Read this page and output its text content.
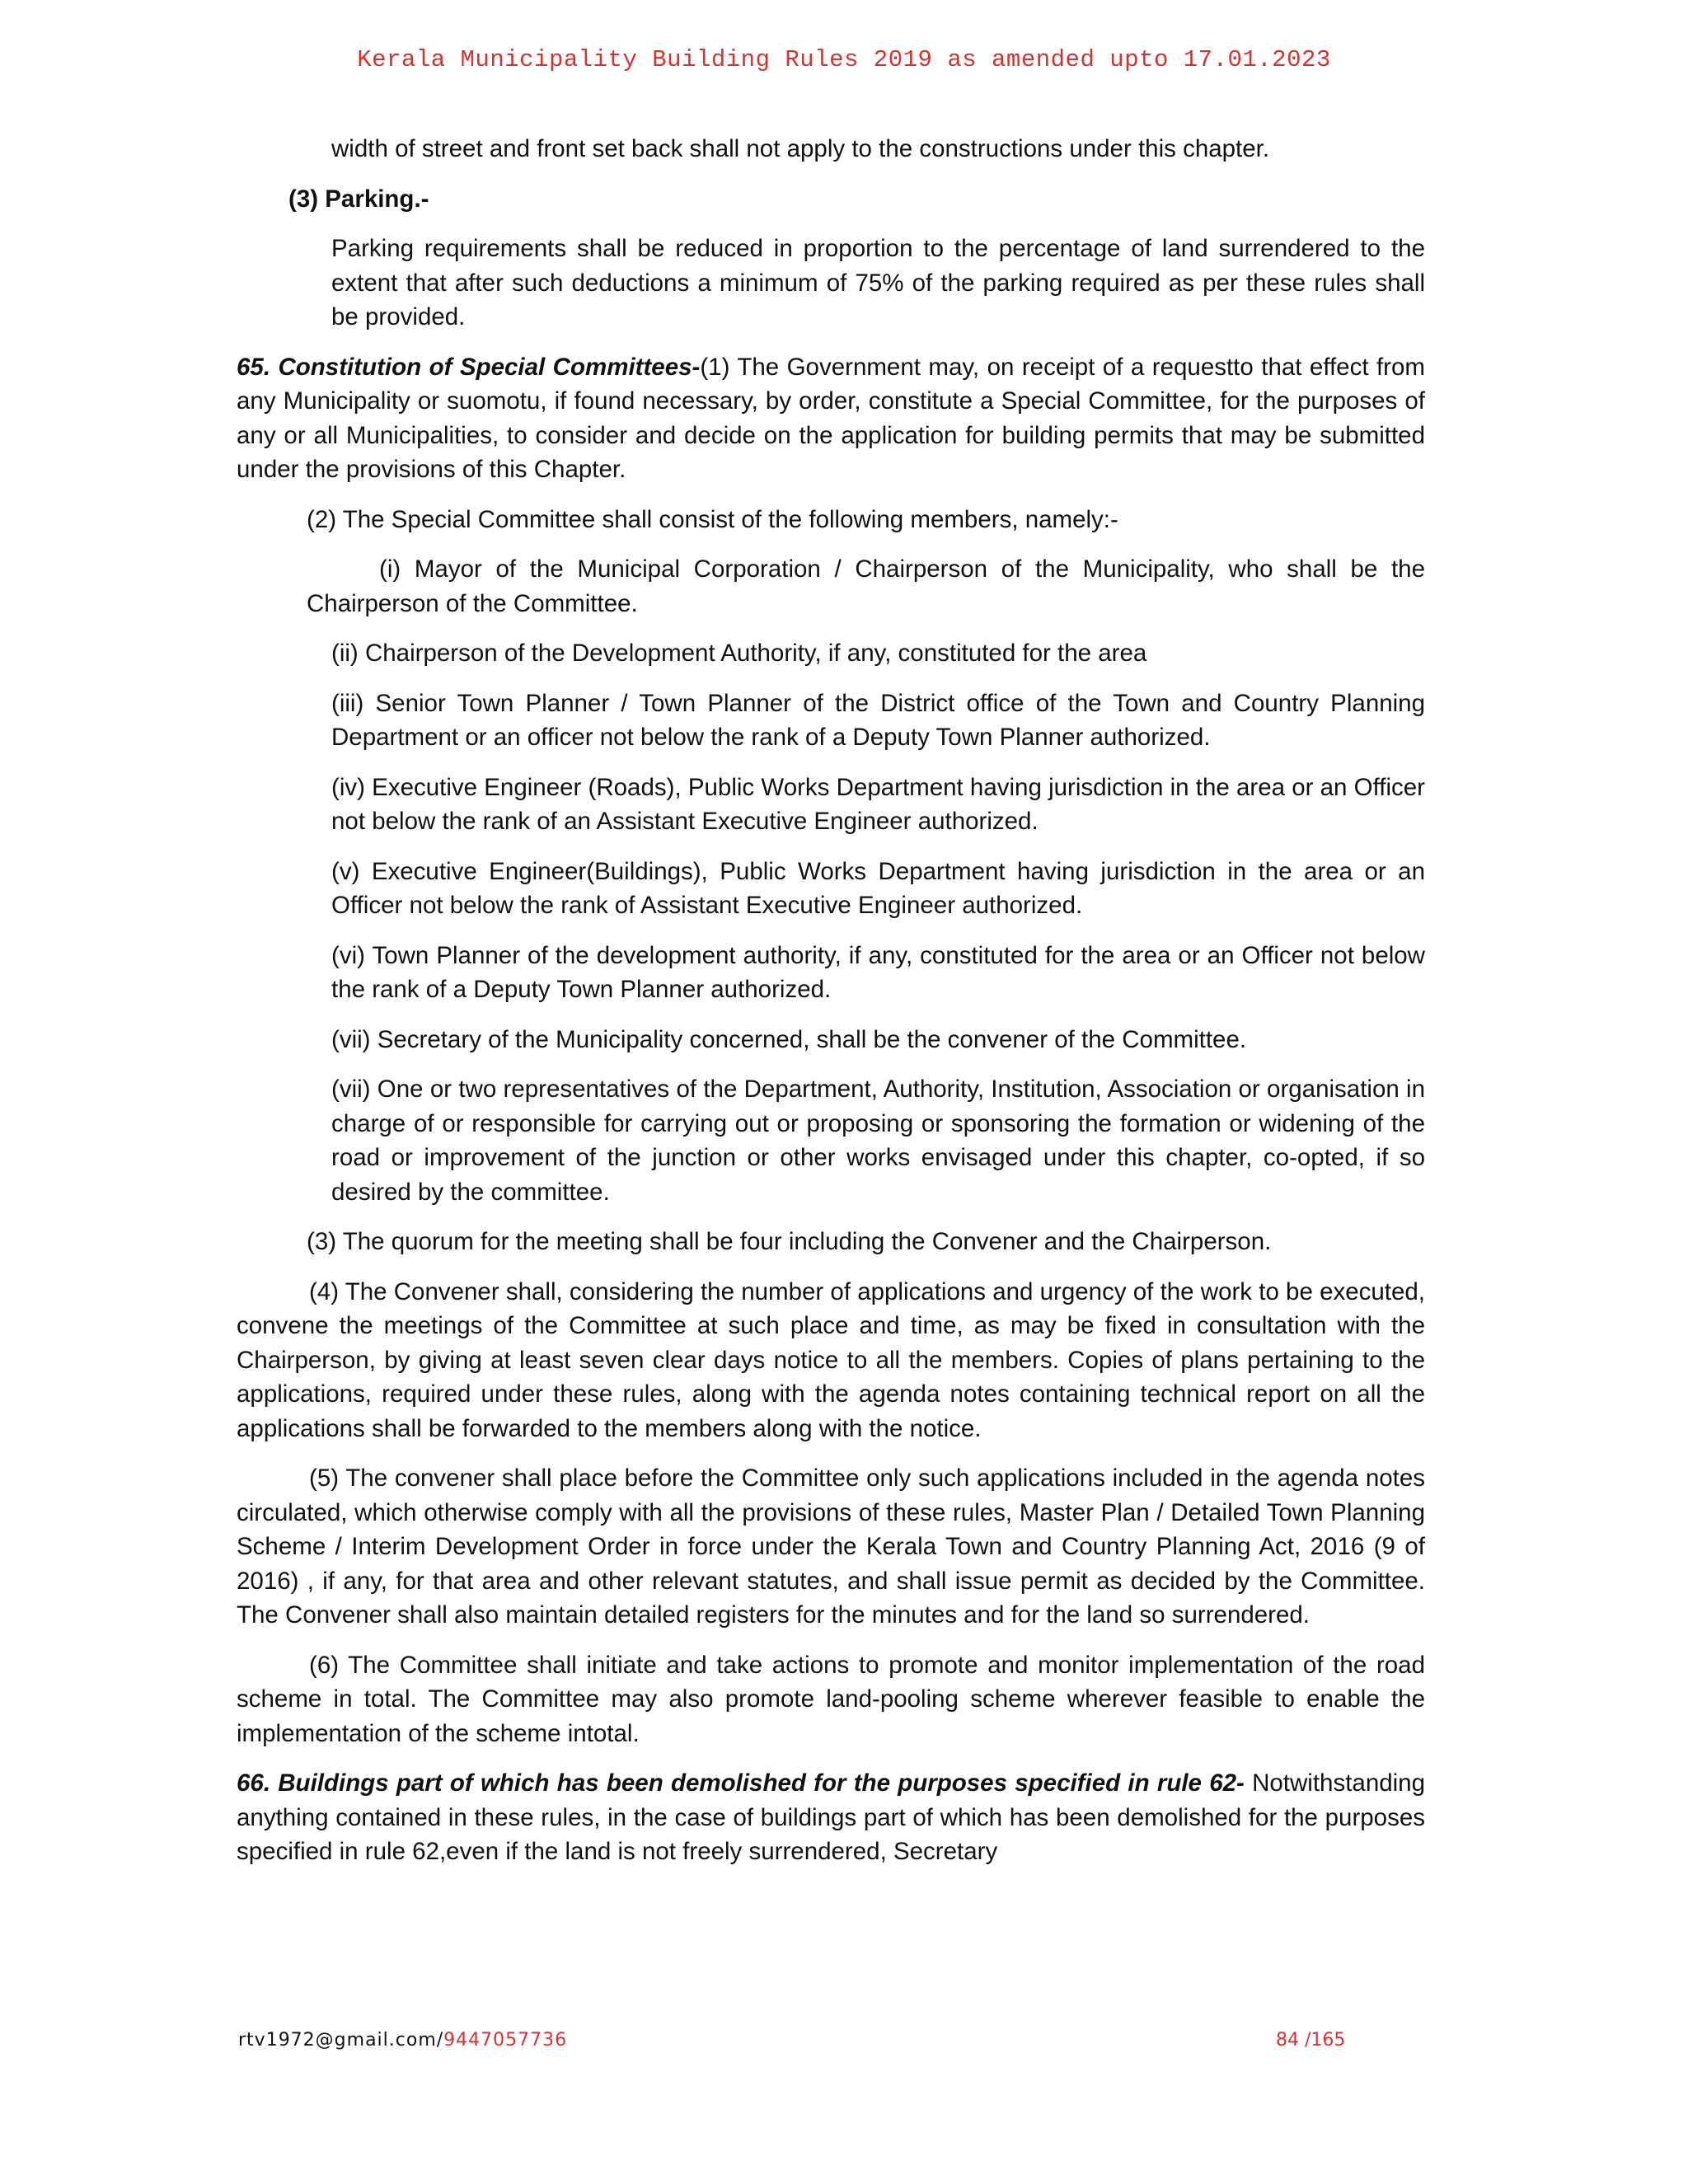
Kerala Municipality Building Rules 2019 as amended upto 17.01.2023

width of street and front set back shall not apply to the constructions under this chapter.

(3) Parking.-

Parking requirements shall be reduced in proportion to the percentage of land surrendered to the extent that after such deductions a minimum of 75% of the parking required as per these rules shall be provided.

65. Constitution of Special Committees-(1) The Government may, on receipt of a requestto that effect from any Municipality or suomotu, if found necessary, by order, constitute a Special Committee, for the purposes of any or all Municipalities, to consider and decide on the application for building permits that may be submitted under the provisions of this Chapter.

(2) The Special Committee shall consist of the following members, namely:-

(i) Mayor of the Municipal Corporation / Chairperson of the Municipality, who shall be the Chairperson of the Committee.

(ii) Chairperson of the Development Authority, if any, constituted for the area

(iii) Senior Town Planner / Town Planner of the District office of the Town and Country Planning Department or an officer not below the rank of a Deputy Town Planner authorized.

(iv) Executive Engineer (Roads), Public Works Department having jurisdiction in the area or an Officer not below the rank of an Assistant Executive Engineer authorized.

(v) Executive Engineer(Buildings), Public Works Department having jurisdiction in the area or an Officer not below the rank of Assistant Executive Engineer authorized.

(vi) Town Planner of the development authority, if any, constituted for the area or an Officer not below the rank of a Deputy Town Planner authorized.

(vii) Secretary of the Municipality concerned, shall be the convener of the Committee.

(vii) One or two representatives of the Department, Authority, Institution, Association or organisation in charge of or responsible for carrying out or proposing or sponsoring the formation or widening of the road or improvement of the junction or other works envisaged under this chapter, co-opted, if so desired by the committee.

(3) The quorum for the meeting shall be four including the Convener and the Chairperson.

(4) The Convener shall, considering the number of applications and urgency of the work to be executed, convene the meetings of the Committee at such place and time, as may be fixed in consultation with the Chairperson, by giving at least seven clear days notice to all the members. Copies of plans pertaining to the applications, required under these rules, along with the agenda notes containing technical report on all the applications shall be forwarded to the members along with the notice.

(5) The convener shall place before the Committee only such applications included in the agenda notes circulated, which otherwise comply with all the provisions of these rules, Master Plan / Detailed Town Planning Scheme / Interim Development Order in force under the Kerala Town and Country Planning Act, 2016 (9 of 2016) , if any, for that area and other relevant statutes, and shall issue permit as decided by the Committee. The Convener shall also maintain detailed registers for the minutes and for the land so surrendered.

(6) The Committee shall initiate and take actions to promote and monitor implementation of the road scheme in total. The Committee may also promote land-pooling scheme wherever feasible to enable the implementation of the scheme intotal.

66. Buildings part of which has been demolished for the purposes specified in rule 62- Notwithstanding anything contained in these rules, in the case of buildings part of which has been demolished for the purposes specified in rule 62,even if the land is not freely surrendered, Secretary

rtv1972@gmail.com/9447057736	84 /165
